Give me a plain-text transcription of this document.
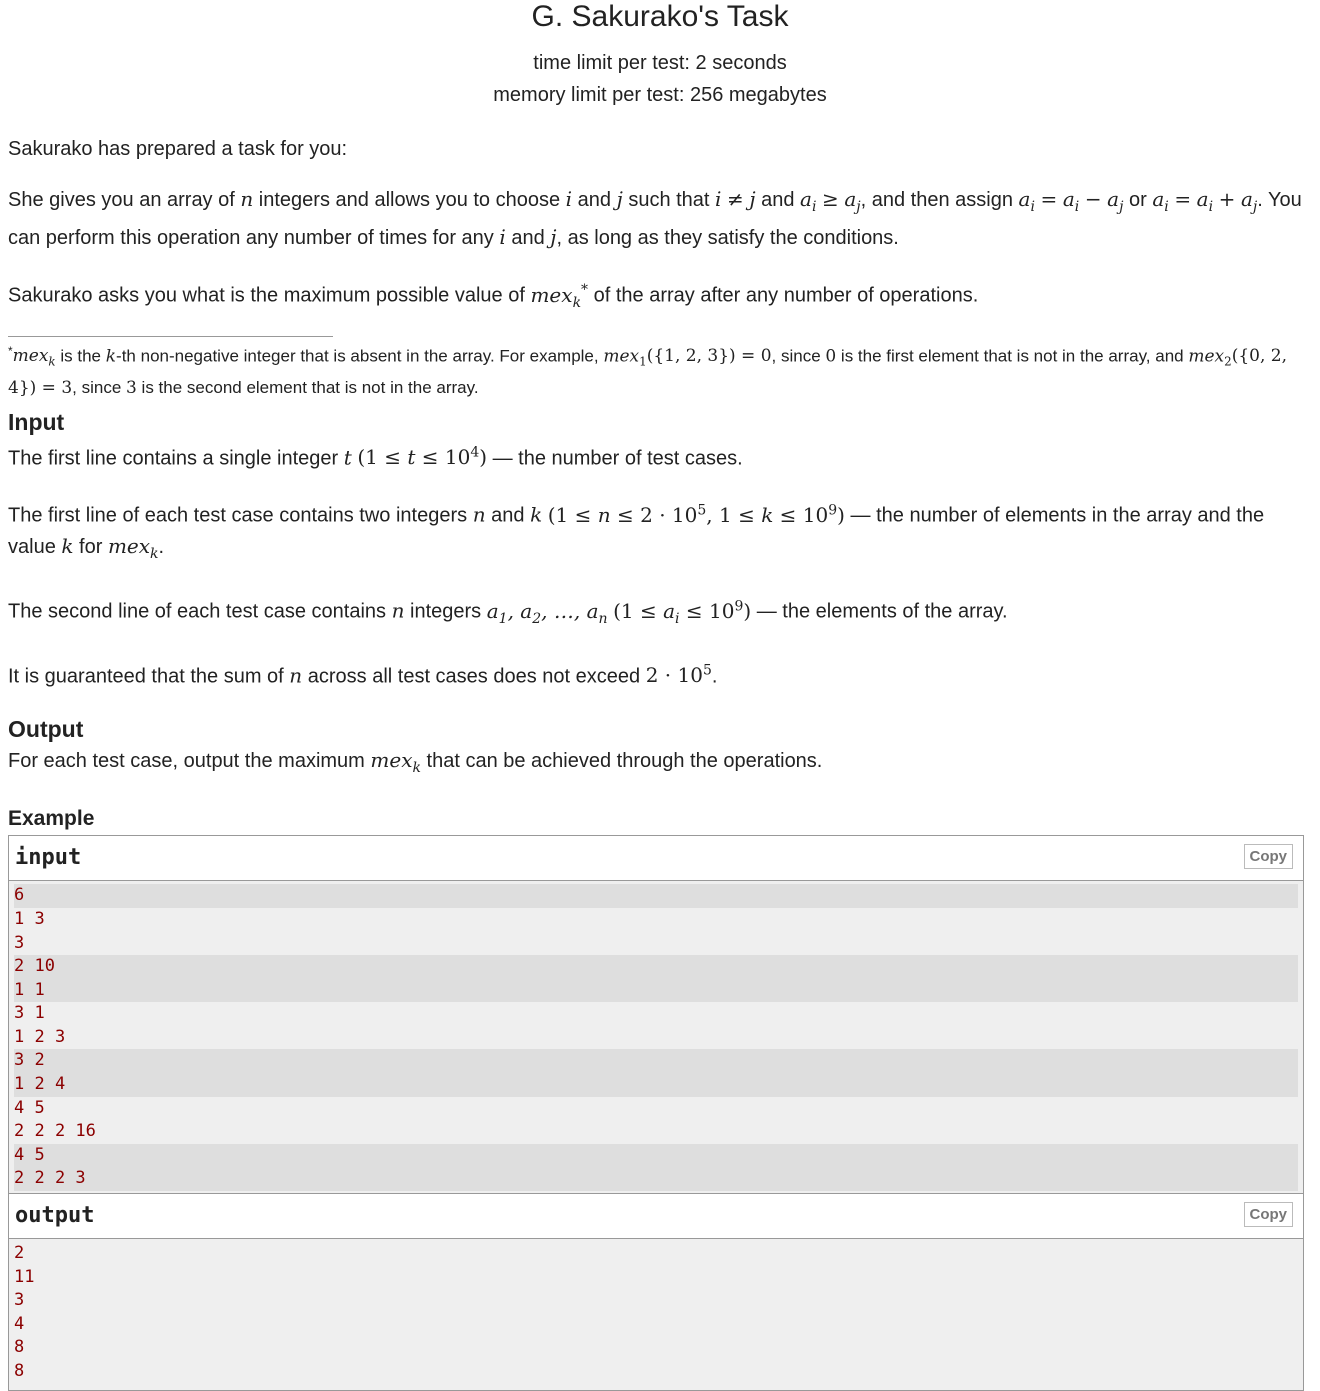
G. Sakurako's Task
time limit per test: 2 seconds
memory limit per test: 256 megabytes

Sakurako has prepared a task for you:

She gives you an array of n integers and allows you to choose i and j such that i ≠ j and $a_i \ge a_j$, and then assign $a_i = a_i - a_j$ or $a_i = a_i + a_j$. You can perform this operation any number of times for any i and j, as long as they satisfy the conditions.

Sakurako asks you what is the maximum possible value of mex$_k$* of the array after any number of operations.

*mex$_k$ is the k-th non-negative integer that is absent in the array. For example, mex$_1$({1, 2, 3}) = 0, since 0 is the first element that is not in the array, and mex$_2$({0, 2, 4}) = 3, since 3 is the second element that is not in the array.
Input

The first line contains a single integer t $(1 \le t \le 10^4)$ — the number of test cases.

The first line of each test case contains two integers n and k ($1 \le n \le 2 \cdot 10^5$, $1 \le k \le 10^9$) — the number of elements in the array and the value k for mex$_k$.

The second line of each test case contains n integers $a_1$, $a_2$, …, $a_n$ $(1 \le a_i \le 10^9)$ — the elements of the array.

It is guaranteed that the sum of n across all test cases does not exceed $2 \cdot 10^5$.

Output

For each test case, output the maximum mex$_k$ that can be achieved through the operations.

Example
input	Copy
6
1 3
3
2 10
1 1
3 1
1 2 3
3 2
1 2 4
4 5
2 2 2 16
4 5
2 2 2 3
output	Copy
2
11
3
4
8
8
